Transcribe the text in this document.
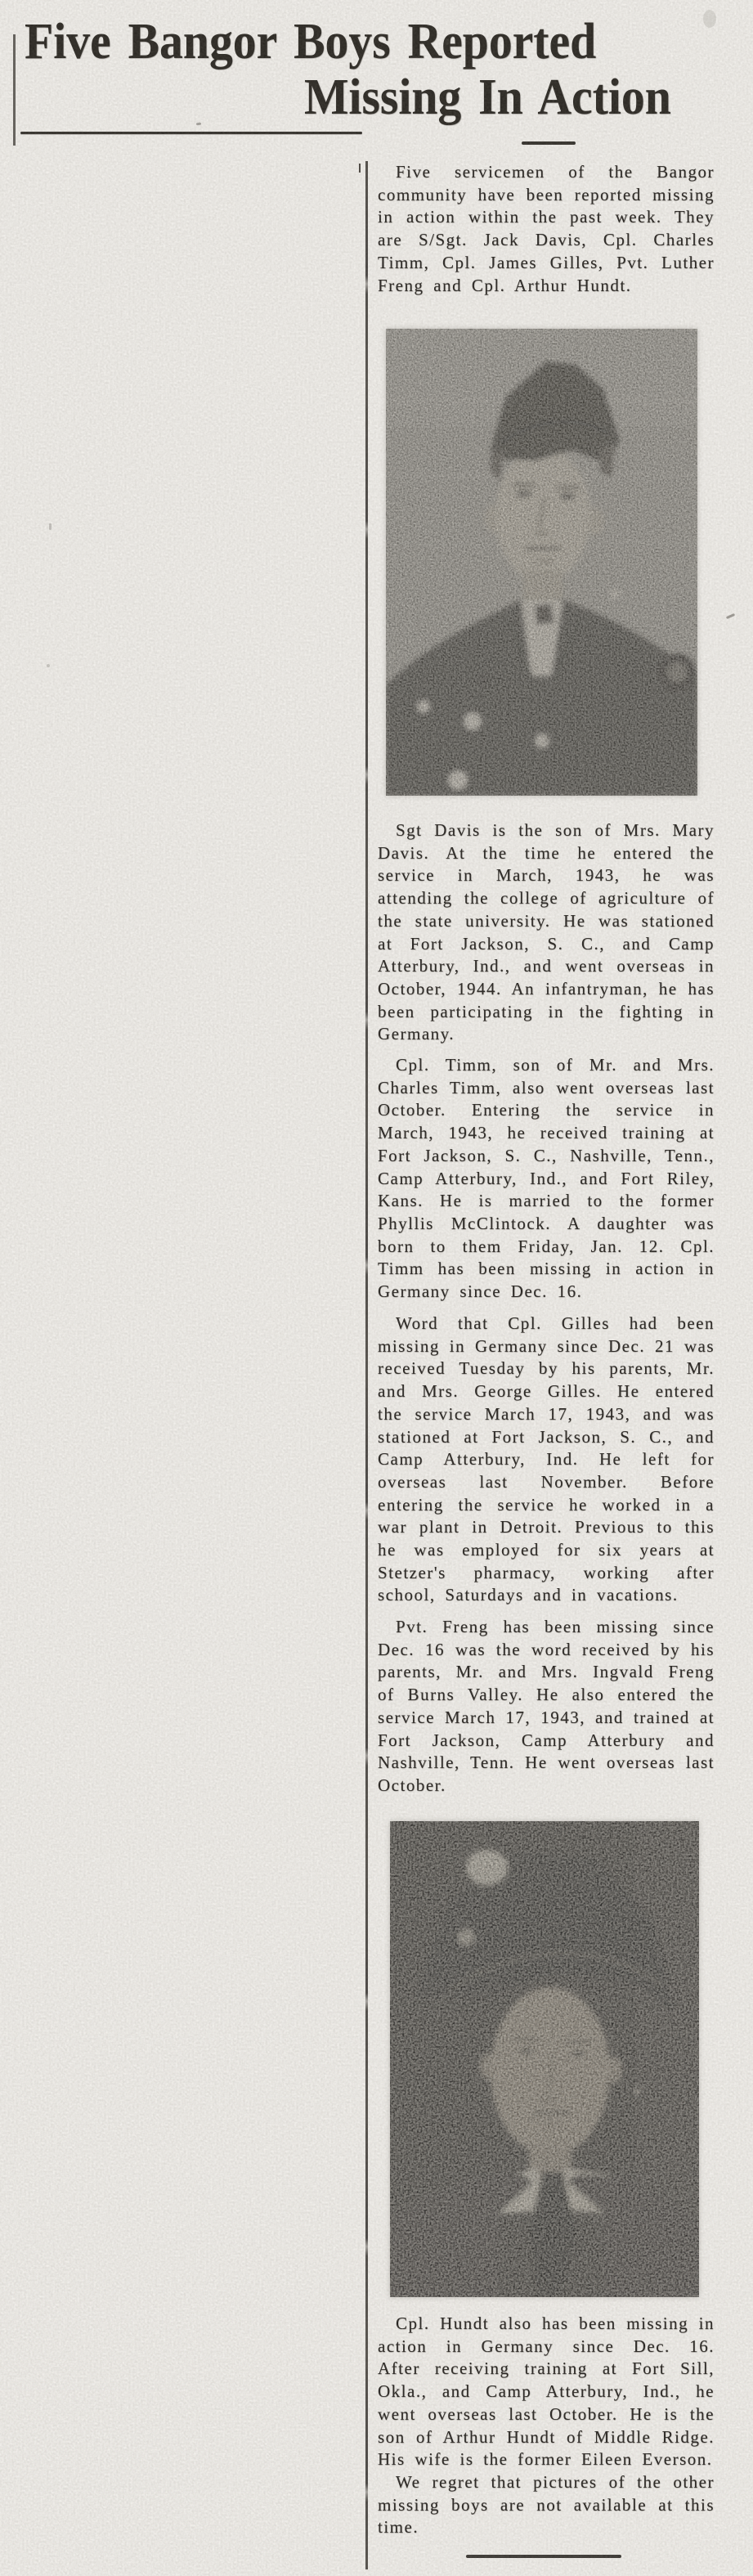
Five Bangor Boys Reported
Missing In Action

Five servicemen of the Bangor community have been reported missing in action within the past week. They are S/Sgt. Jack Davis, Cpl. Charles Timm, Cpl. James Gilles, Pvt. Luther Freng and Cpl. Arthur Hundt.

Sgt Davis is the son of Mrs. Mary Davis. At the time he entered the service in March, 1943, he was attending the college of agriculture of the state university. He was stationed at Fort Jackson, S. C., and Camp Atterbury, Ind., and went overseas in October, 1944. An infantryman, he has been participating in the fighting in Germany.

Cpl. Timm, son of Mr. and Mrs. Charles Timm, also went overseas last October. Entering the service in March, 1943, he received training at Fort Jackson, S. C., Nashville, Tenn., Camp Atterbury, Ind., and Fort Riley, Kans. He is married to the former Phyllis McClintock. A daughter was born to them Friday, Jan. 12. Cpl. Timm has been missing in action in Germany since Dec. 16.

Word that Cpl. Gilles had been missing in Germany since Dec. 21 was received Tuesday by his parents, Mr. and Mrs. George Gilles. He entered the service March 17, 1943, and was stationed at Fort Jackson, S. C., and Camp Atterbury, Ind. He left for overseas last November. Before entering the service he worked in a war plant in Detroit. Previous to this he was employed for six years at Stetzer's pharmacy, working after school, Saturdays and in vacations.

Pvt. Freng has been missing since Dec. 16 was the word received by his parents, Mr. and Mrs. Ingvald Freng of Burns Valley. He also entered the service March 17, 1943, and trained at Fort Jackson, Camp Atterbury and Nashville, Tenn. He went overseas last October.

Cpl. Hundt also has been missing in action in Germany since Dec. 16. After receiving training at Fort Sill, Okla., and Camp Atterbury, Ind., he went overseas last October. He is the son of Arthur Hundt of Middle Ridge. His wife is the former Eileen Everson.

We regret that pictures of the other missing boys are not available at this time.
